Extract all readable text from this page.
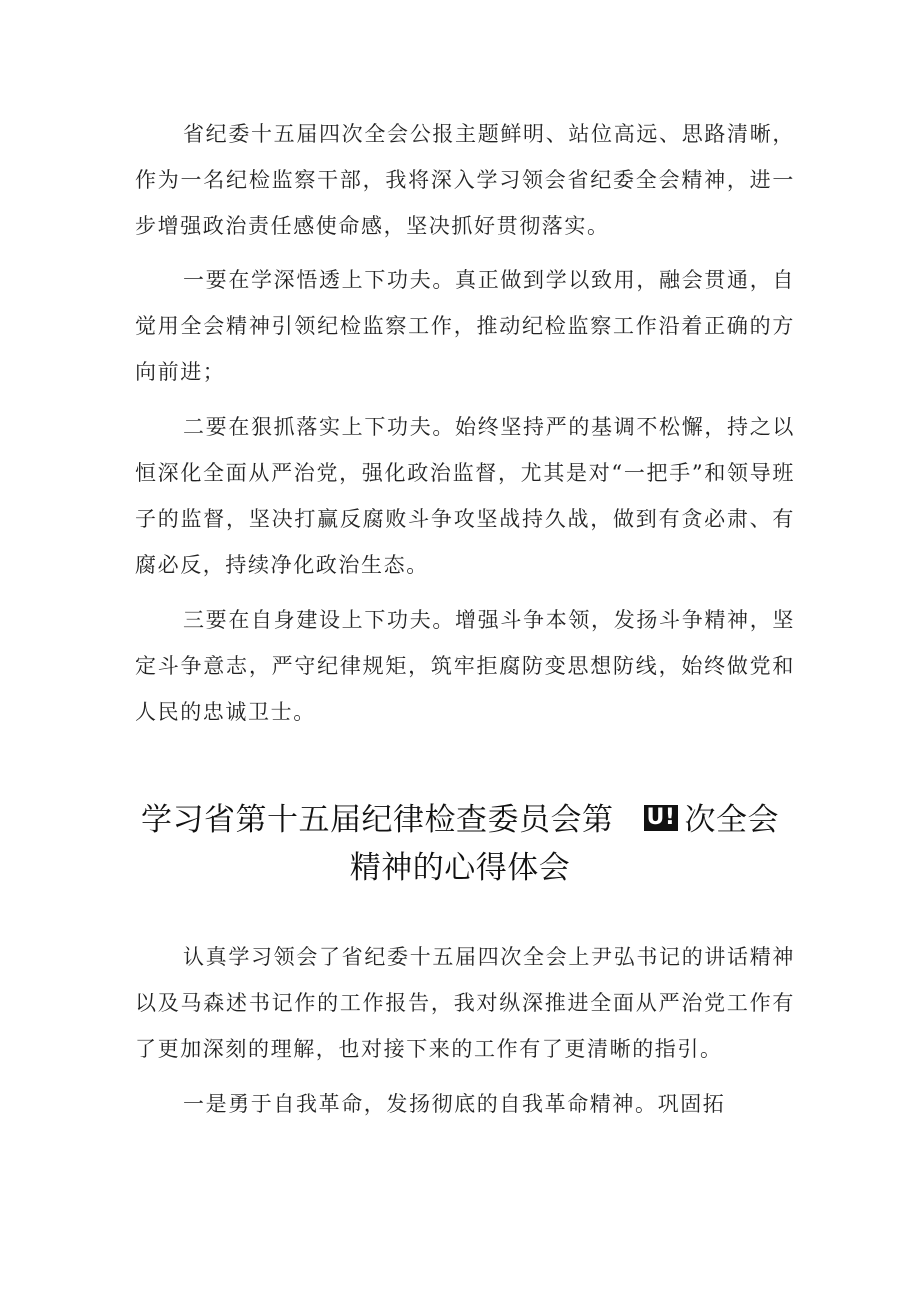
省纪委十五届四次全会公报主题鲜明、站位高远、思路清晰，作为一名纪检监察干部，我将深入学习领会省纪委全会精神，进一步增强政治责任感使命感，坚决抓好贯彻落实。

一要在学深悟透上下功夫。真正做到学以致用，融会贯通，自觉用全会精神引领纪检监察工作，推动纪检监察工作沿着正确的方向前进；

二要在狠抓落实上下功夫。始终坚持严的基调不松懈，持之以恒深化全面从严治党，强化政治监督，尤其是对“一把手”和领导班子的监督，坚决打赢反腐败斗争攻坚战持久战，做到有贪必肃、有腐必反，持续净化政治生态。

三要在自身建设上下功夫。增强斗争本领，发扬斗争精神，坚定斗争意志，严守纪律规矩，筑牢拒腐防变思想防线，始终做党和人民的忠诚卫士。

学习省第十五届纪律检查委员会第 U! 次全会精神的心得体会

认真学习领会了省纪委十五届四次全会上尹弘书记的讲话精神以及马森述书记作的工作报告，我对纵深推进全面从严治党工作有了更加深刻的理解，也对接下来的工作有了更清晰的指引。

一是勇于自我革命，发扬彻底的自我革命精神。巩固拓
